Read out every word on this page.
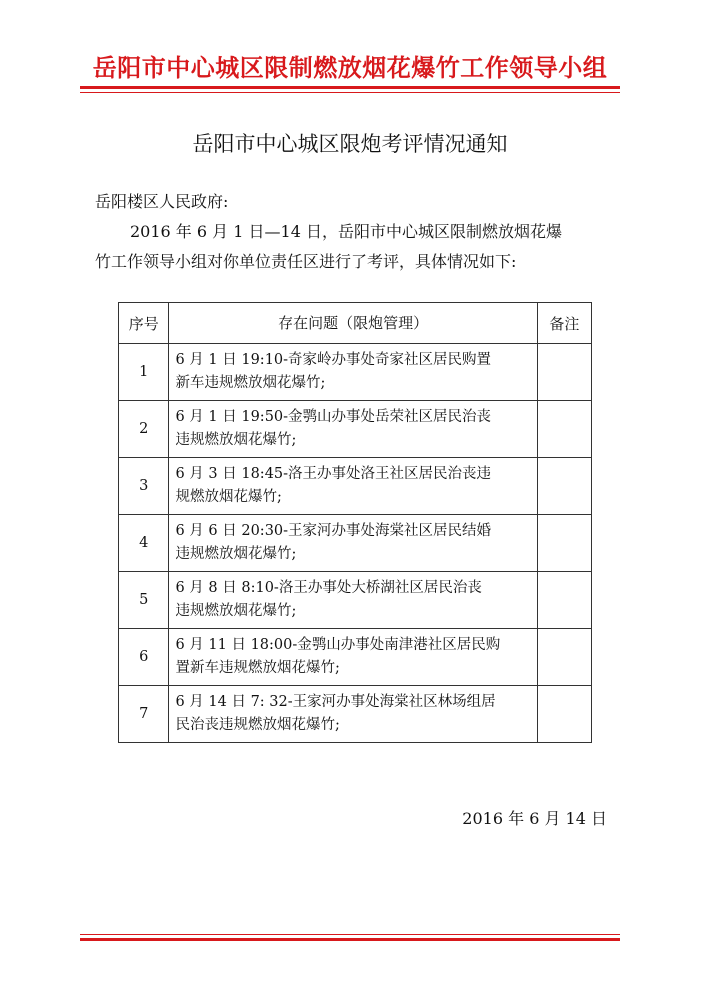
岳阳市中心城区限制燃放烟花爆竹工作领导小组
岳阳市中心城区限炮考评情况通知
岳阳楼区人民政府:
2016 年 6 月 1 日—14 日，岳阳市中心城区限制燃放烟花爆
竹工作领导小组对你单位责任区进行了考评，具体情况如下:
序号	存在问题（限炮管理）	备注
1	6 月 1 日 19:10-奇家岭办事处奇家社区居民购置
新车违规燃放烟花爆竹;	
2	6 月 1 日 19:50-金鹗山办事处岳荣社区居民治丧
违规燃放烟花爆竹;	
3	6 月 3 日 18:45-洛王办事处洛王社区居民治丧违
规燃放烟花爆竹;	
4	6 月 6 日 20:30-王家河办事处海棠社区居民结婚
违规燃放烟花爆竹;	
5	6 月 8 日 8:10-洛王办事处大桥湖社区居民治丧
违规燃放烟花爆竹;	
6	6 月 11 日 18:00-金鹗山办事处南津港社区居民购
置新车违规燃放烟花爆竹;	
7	6 月 14 日 7: 32-王家河办事处海棠社区林场组居
民治丧违规燃放烟花爆竹;	
2016 年 6 月 14 日
